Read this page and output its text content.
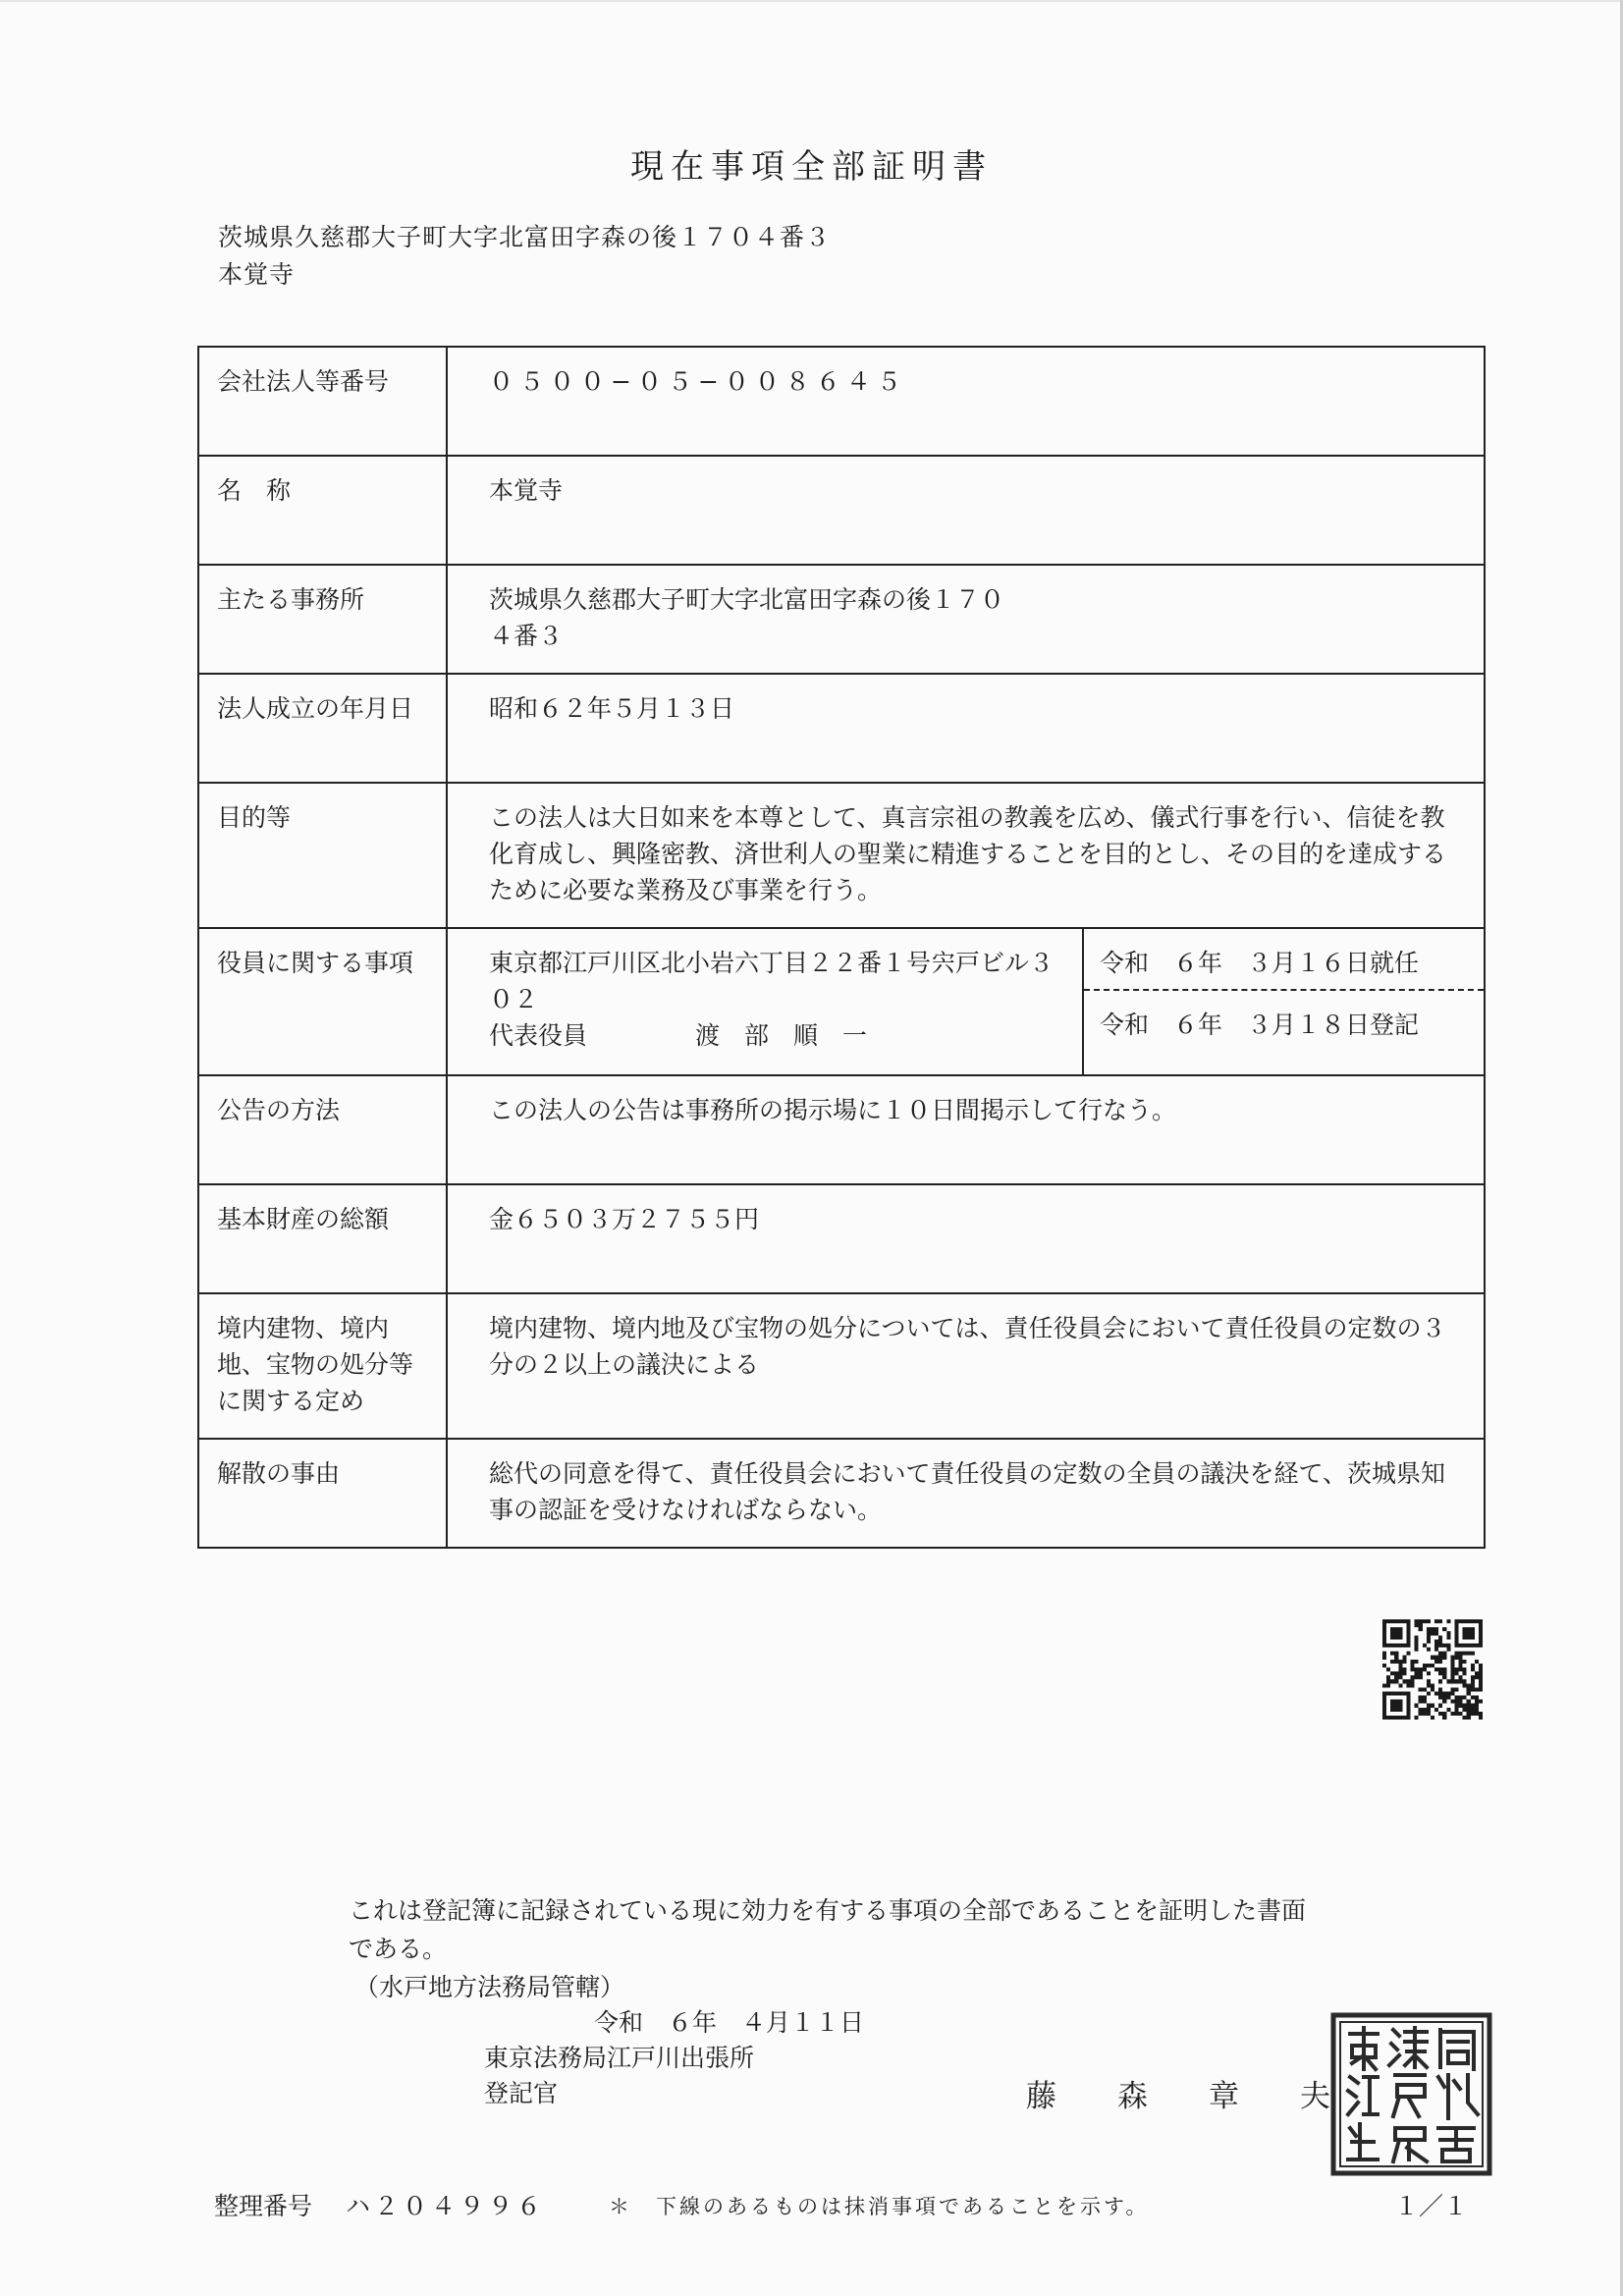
現在事項全部証明書
茨城県久慈郡大子町大字北富田字森の後１７０４番３
本覚寺
会社法人等番号	０５００−０５−００８６４５
名　称	本覚寺
主たる事務所	茨城県久慈郡大子町大字北富田字森の後１７０
４番３
法人成立の年月日	昭和６２年５月１３日
目的等	この法人は大日如来を本尊として、真言宗祖の教義を広め、儀式行事を行い、信徒を教化育成し、興隆密教、済世利人の聖業に精進することを目的とし、その目的を達成するために必要な業務及び事業を行う。
役員に関する事項	東京都江戸川区北小岩六丁目２２番１号宍戸ビル３０２
代表役員 渡　部　順　一
令和　６年　３月１６日就任
令和　６年　３月１８日登記

公告の方法	この法人の公告は事務所の掲示場に１０日間掲示して行なう。
基本財産の総額	金６５０３万２７５５円
境内建物、境内地、宝物の処分等に関する定め	境内建物、境内地及び宝物の処分については、責任役員会において責任役員の定数の３分の２以上の議決による
解散の事由	総代の同意を得て、責任役員会において責任役員の定数の全員の議決を経て、茨城県知事の認証を受けなければならない。
これは登記簿に記録されている現に効力を有する事項の全部であることを証明した書面である。
（水戸地方法務局管轄）
令和　６年　４月１１日
東京法務局江戸川出張所
登記官	藤　　森　　章　　夫
整理番号 ハ２０４９９６	＊　下線のあるものは抹消事項であることを示す。	１／１
